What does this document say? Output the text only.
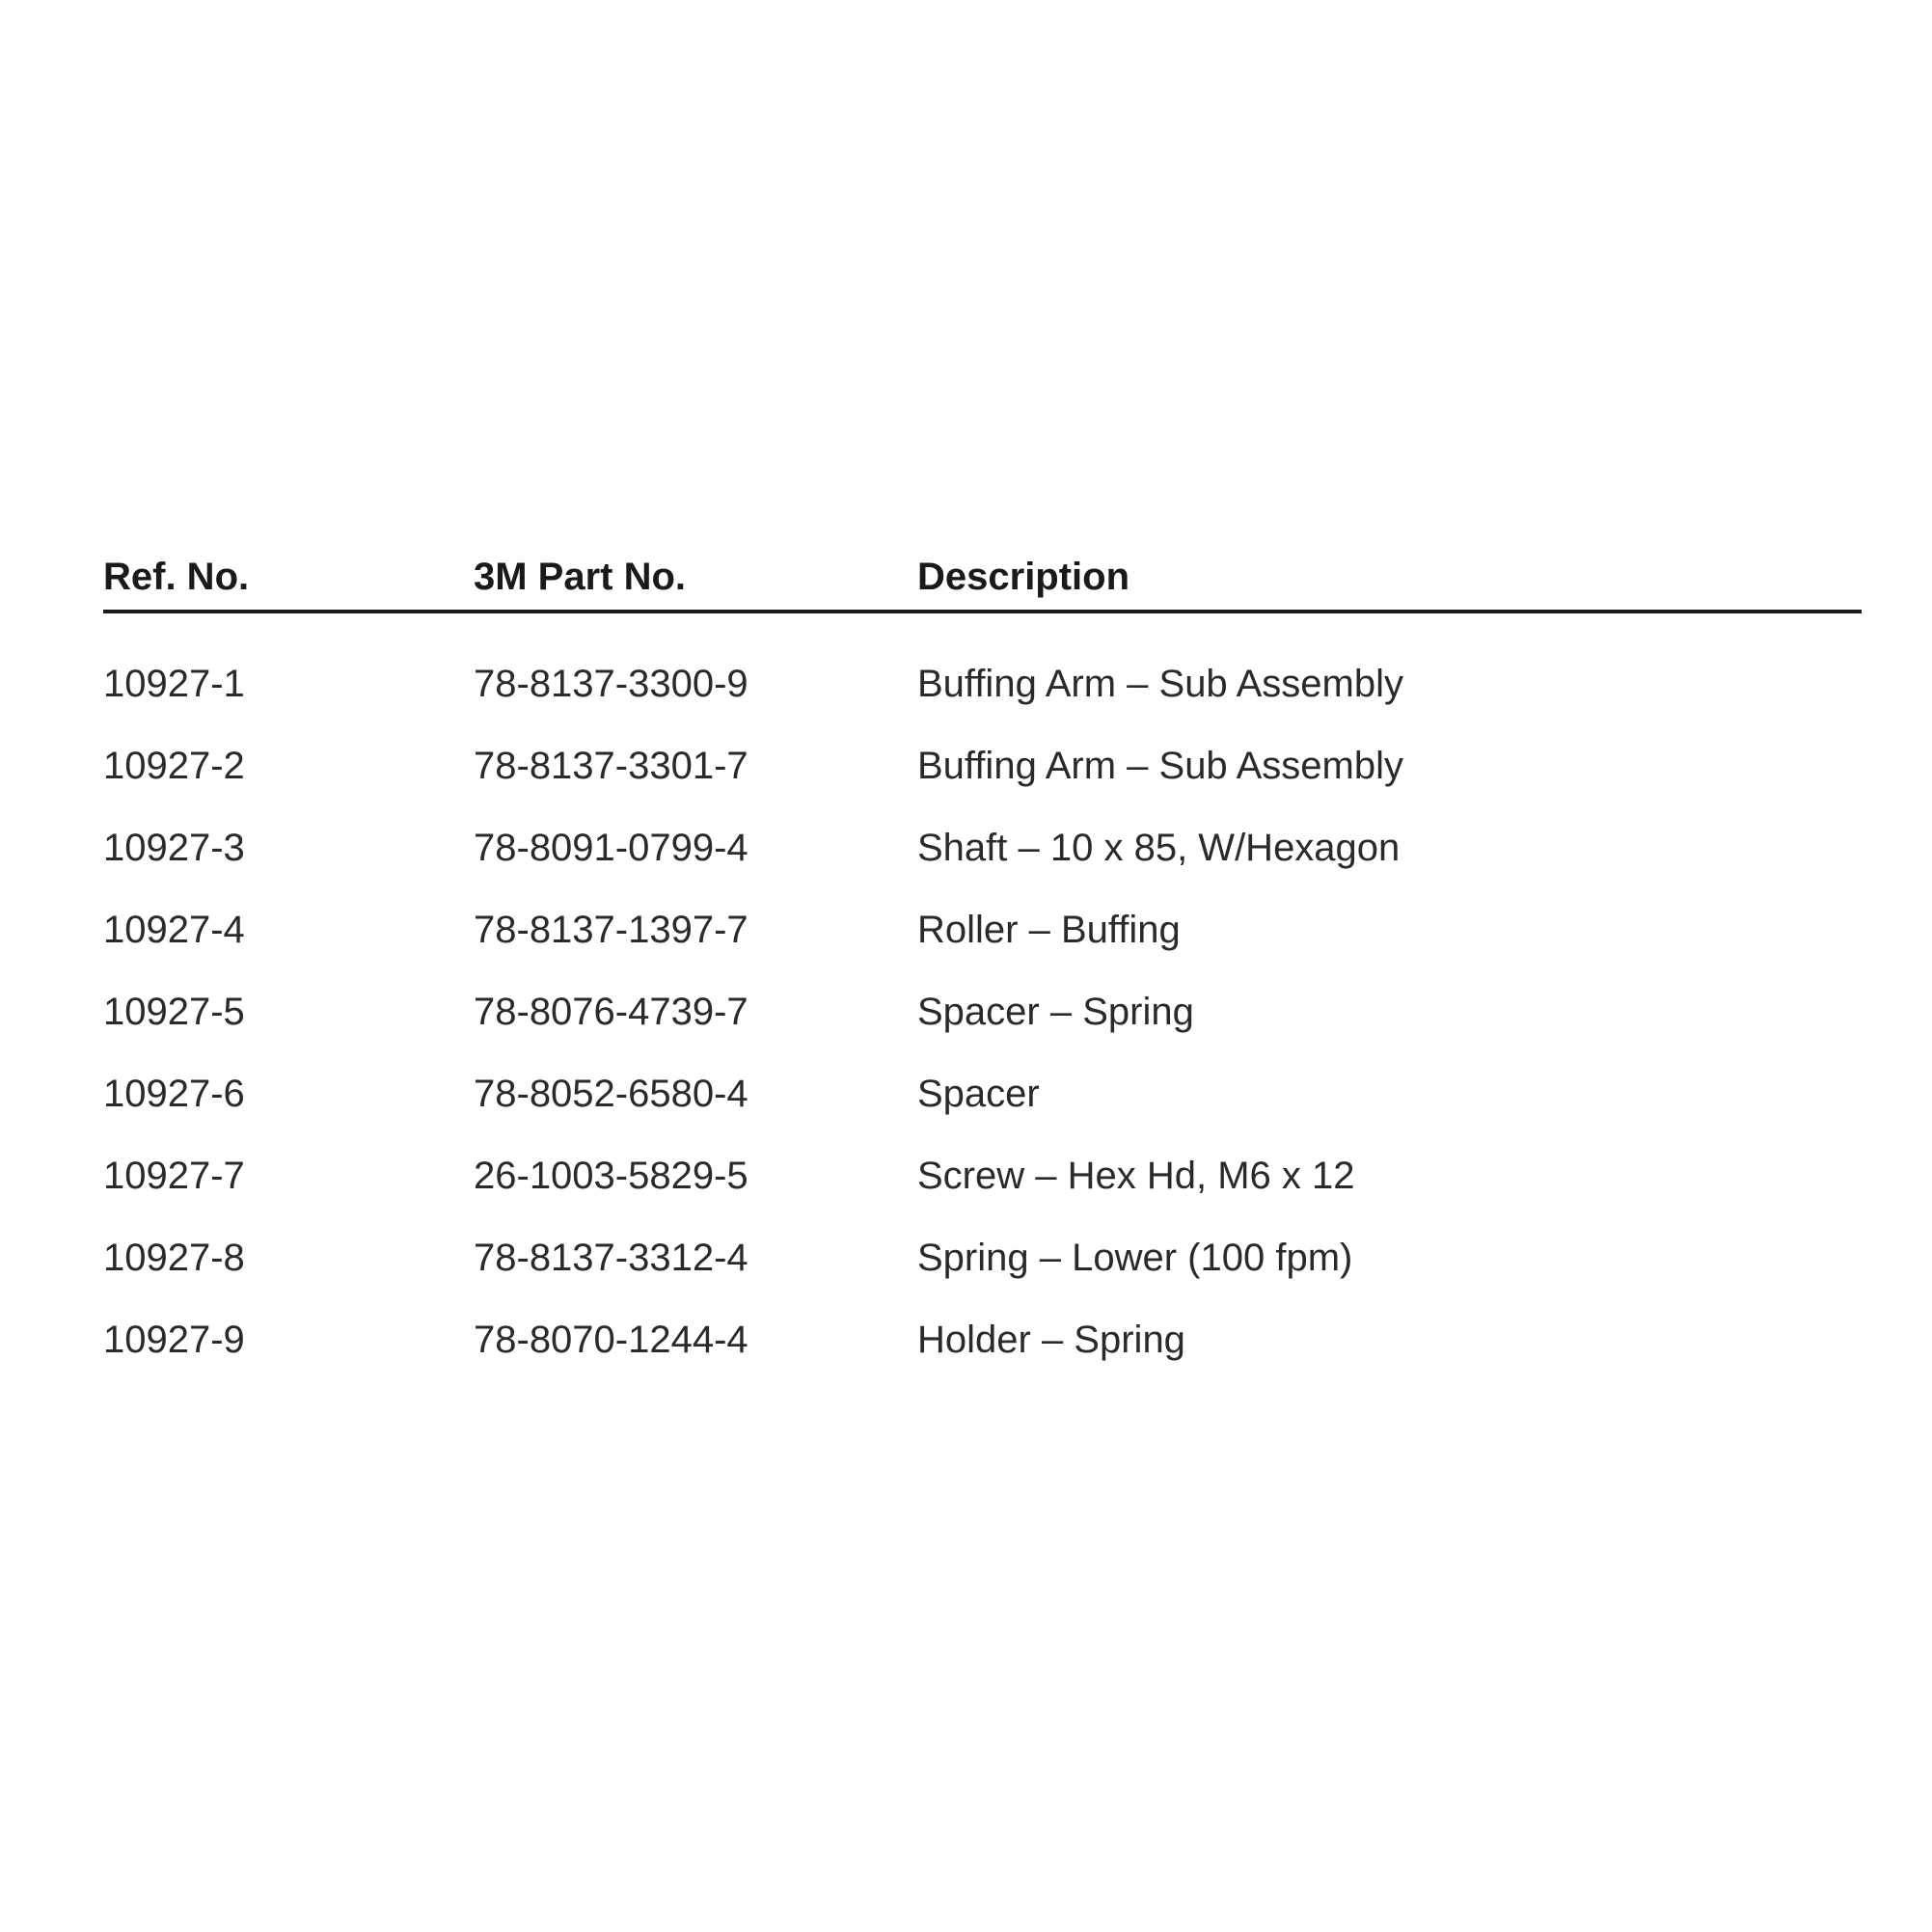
Ref. No.	3M Part No.	Description
10927-1	78-8137-3300-9	Buffing Arm – Sub Assembly
10927-2	78-8137-3301-7	Buffing Arm – Sub Assembly
10927-3	78-8091-0799-4	Shaft – 10 x 85, W/Hexagon
10927-4	78-8137-1397-7	Roller – Buffing
10927-5	78-8076-4739-7	Spacer – Spring
10927-6	78-8052-6580-4	Spacer
10927-7	26-1003-5829-5	Screw – Hex Hd, M6 x 12
10927-8	78-8137-3312-4	Spring – Lower (100 fpm)
10927-9	78-8070-1244-4	Holder – Spring
